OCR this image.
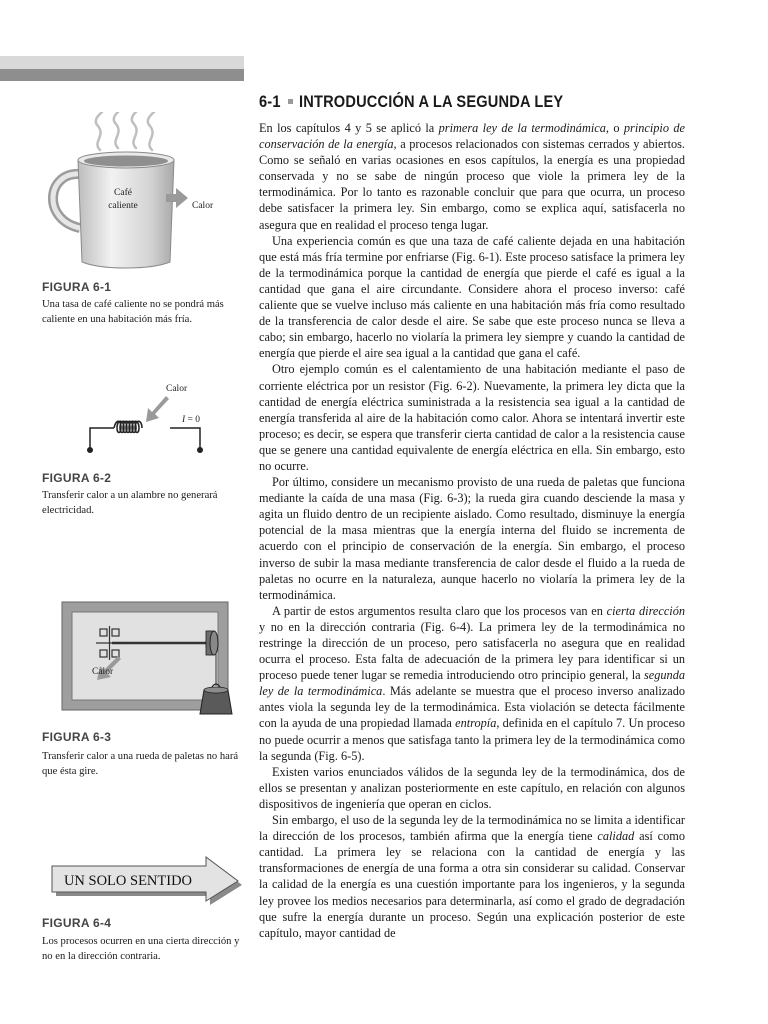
Café
caliente	Calor
FIGURA 6-1
Una tasa de café caliente no se pondrá más caliente en una habitación más fría.
Calor
I = 0
FIGURA 6-2
Transferir calor a un alambre no generará electricidad.
Calor
FIGURA 6-3
Transferir calor a una rueda de paletas no hará que ésta gire.
UN SOLO SENTIDO
FIGURA 6-4
Los procesos ocurren en una cierta dirección y no en la dirección contraria.
6-1 INTRODUCCIÓN A LA SEGUNDA LEY

En los capítulos 4 y 5 se aplicó la primera ley de la termodinámica, o principio de conservación de la energía, a procesos relacionados con sistemas cerrados y abiertos. Como se señaló en varias ocasiones en esos capítulos, la energía es una propiedad conservada y no se sabe de ningún proceso que viole la primera ley de la termodinámica. Por lo tanto es razonable concluir que para que ocurra, un proceso debe satisfacer la primera ley. Sin embargo, como se explica aquí, satisfacerla no asegura que en realidad el proceso tenga lugar.

Una experiencia común es que una taza de café caliente dejada en una habitación que está más fría termine por enfriarse (Fig. 6-1). Este proceso satisface la primera ley de la termodinámica porque la cantidad de energía que pierde el café es igual a la cantidad que gana el aire circundante. Considere ahora el proceso inverso: café caliente que se vuelve incluso más caliente en una habitación más fría como resultado de la transferencia de calor desde el aire. Se sabe que este proceso nunca se lleva a cabo; sin embargo, hacerlo no violaría la primera ley siempre y cuando la cantidad de energía que pierde el aire sea igual a la cantidad que gana el café.

Otro ejemplo común es el calentamiento de una habitación mediante el paso de corriente eléctrica por un resistor (Fig. 6-2). Nuevamente, la primera ley dicta que la cantidad de energía eléctrica suministrada a la resistencia sea igual a la cantidad de energía transferida al aire de la habitación como calor. Ahora se intentará invertir este proceso; es decir, se espera que transferir cierta cantidad de calor a la resistencia cause que se genere una cantidad equivalente de energía eléctrica en ella. Sin embargo, esto no ocurre.

Por último, considere un mecanismo provisto de una rueda de paletas que funciona mediante la caída de una masa (Fig. 6-3); la rueda gira cuando desciende la masa y agita un fluido dentro de un recipiente aislado. Como resultado, disminuye la energía potencial de la masa mientras que la energía interna del fluido se incrementa de acuerdo con el principio de conservación de la energía. Sin embargo, el proceso inverso de subir la masa mediante transferencia de calor desde el fluido a la rueda de paletas no ocurre en la naturaleza, aunque hacerlo no violaría la primera ley de la termodinámica.

A partir de estos argumentos resulta claro que los procesos van en cierta dirección y no en la dirección contraria (Fig. 6-4). La primera ley de la termodinámica no restringe la dirección de un proceso, pero satisfacerla no asegura que en realidad ocurra el proceso. Esta falta de adecuación de la primera ley para identificar si un proceso puede tener lugar se remedia introduciendo otro principio general, la segunda ley de la termodinámica. Más adelante se muestra que el proceso inverso analizado antes viola la segunda ley de la termodinámica. Esta violación se detecta fácilmente con la ayuda de una propiedad llamada entropía, definida en el capítulo 7. Un proceso no puede ocurrir a menos que satisfaga tanto la primera ley de la termodinámica como la segunda (Fig. 6-5).

Existen varios enunciados válidos de la segunda ley de la termodinámica, dos de ellos se presentan y analizan posteriormente en este capítulo, en relación con algunos dispositivos de ingeniería que operan en ciclos.

Sin embargo, el uso de la segunda ley de la termodinámica no se limita a identificar la dirección de los procesos, también afirma que la energía tiene calidad así como cantidad. La primera ley se relaciona con la cantidad de energía y las transformaciones de energía de una forma a otra sin considerar su calidad. Conservar la calidad de la energía es una cuestión importante para los ingenieros, y la segunda ley provee los medios necesarios para determinarla, así como el grado de degradación que sufre la energía durante un proceso. Según una explicación posterior de este capítulo, mayor cantidad de
